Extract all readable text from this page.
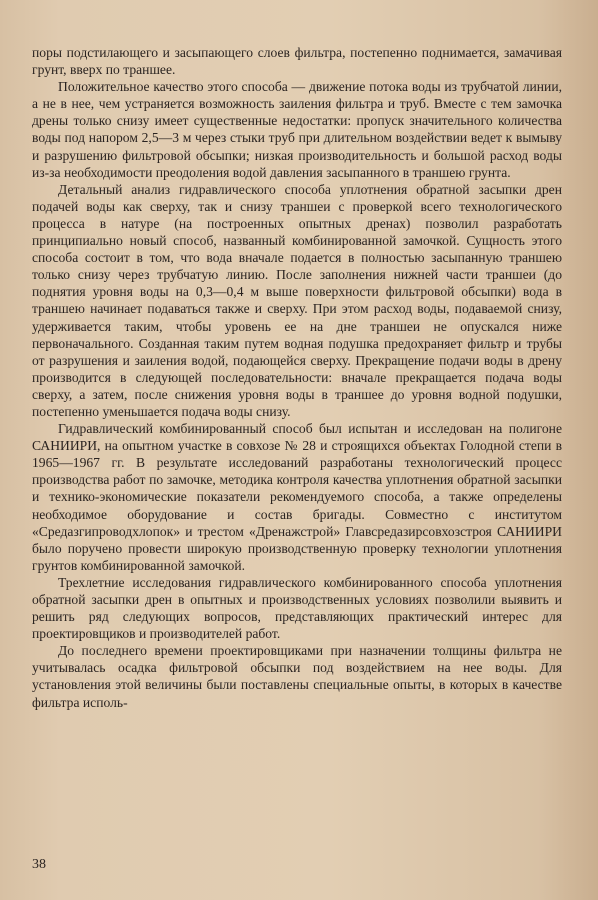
поры подстилающего и засыпающего слоев фильтра, постепенно поднимается, замачивая грунт, вверх по траншее.

Положительное качество этого способа — движение потока воды из трубчатой линии, а не в нее, чем устраняется возможность заиления фильтра и труб. Вместе с тем замочка дрены только снизу имеет существенные недостатки: пропуск значительного количества воды под напором 2,5—3 м через стыки труб при длительном воздействии ведет к вымыву и разрушению фильтровой обсыпки; низкая производительность и большой расход воды из-за необходимости преодоления водой давления засыпанного в траншею грунта.

Детальный анализ гидравлического способа уплотнения обратной засыпки дрен подачей воды как сверху, так и снизу траншеи с проверкой всего технологического процесса в натуре (на построенных опытных дренах) позволил разработать принципиально новый способ, названный комбинированной замочкой. Сущность этого способа состоит в том, что вода вначале подается в полностью засыпанную траншею только снизу через трубчатую линию. После заполнения нижней части траншеи (до поднятия уровня воды на 0,3—0,4 м выше поверхности фильтровой обсыпки) вода в траншею начинает подаваться также и сверху. При этом расход воды, подаваемой снизу, удерживается таким, чтобы уровень ее на дне траншеи не опускался ниже первоначального. Созданная таким путем водная подушка предохраняет фильтр и трубы от разрушения и заиления водой, подающейся сверху. Прекращение подачи воды в дрену производится в следующей последовательности: вначале прекращается подача воды сверху, а затем, после снижения уровня воды в траншее до уровня водной подушки, постепенно уменьшается подача воды снизу.

Гидравлический комбинированный способ был испытан и исследован на полигоне САНИИРИ, на опытном участке в совхозе № 28 и строящихся объектах Голодной степи в 1965—1967 гг. В результате исследований разработаны технологический процесс производства работ по замочке, методика контроля качества уплотнения обратной засыпки и технико-экономические показатели рекомендуемого способа, а также определены необходимое оборудование и состав бригады. Совместно с институтом «Средазгипроводхлопок» и трестом «Дренажстрой» Главсредазирсовхозстроя САНИИРИ было поручено провести широкую производственную проверку технологии уплотнения грунтов комбинированной замочкой.

Трехлетние исследования гидравлического комбинированного способа уплотнения обратной засыпки дрен в опытных и производственных условиях позволили выявить и решить ряд следующих вопросов, представляющих практический интерес для проектировщиков и производителей работ.

До последнего времени проектировщиками при назначении толщины фильтра не учитывалась осадка фильтровой обсыпки под воздействием на нее воды. Для установления этой величины были поставлены специальные опыты, в которых в качестве фильтра исполь-

38
